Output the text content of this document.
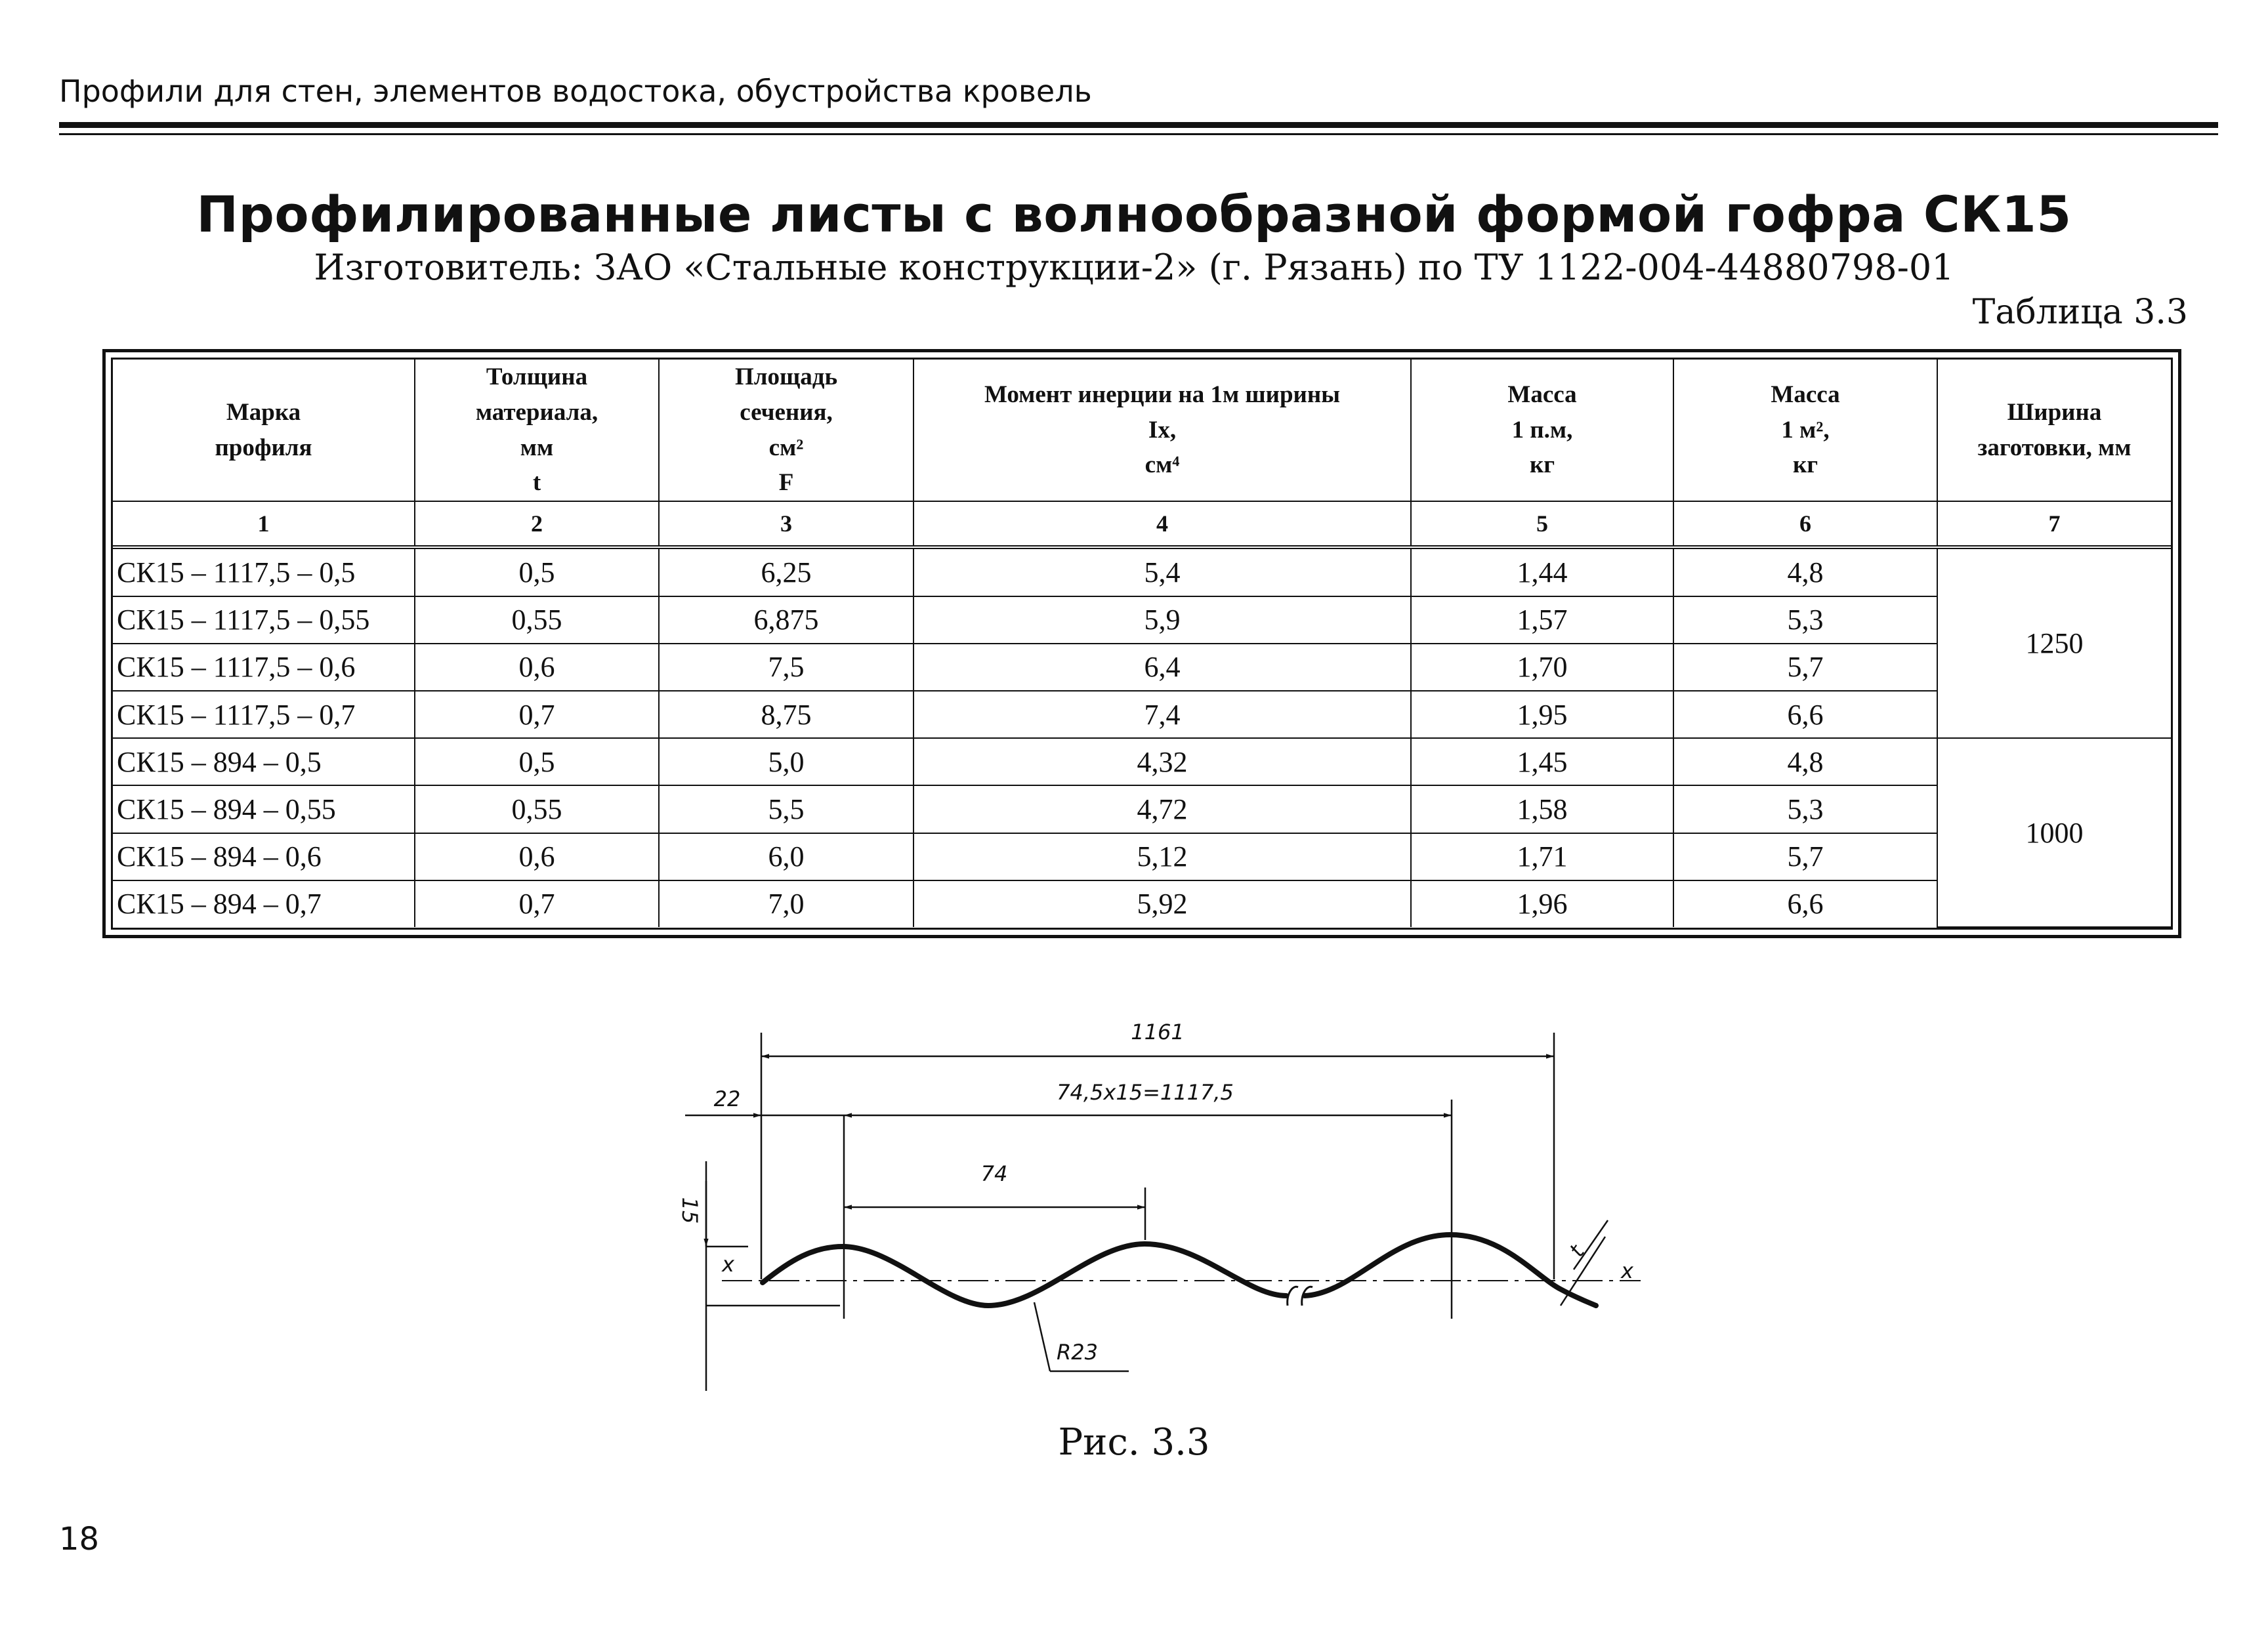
Профили для стен, элементов водостока, обустройства кровель
Профилированные листы с волнообразной формой гофра СК15
Изготовитель: ЗАО «Стальные конструкции-2» (г. Рязань) по ТУ 1122-004-44880798-01
Таблица 3.3
Марка
профиля	Толщина
материала,
мм
t	Площадь
сечения,
см²
F	Момент инерции на 1м ширины
Ix,
см⁴	Масса
1 п.м,
кг	Масса
1 м²,
кг	Ширина
заготовки, мм
1	2	3	4	5	6	7
СК15 – 1117,5 – 0,5	0,5	6,25	5,4	1,44	4,8	1250
СК15 – 1117,5 – 0,55	0,55	6,875	5,9	1,57	5,3	
СК15 – 1117,5 – 0,6	0,6	7,5	6,4	1,70	5,7	
СК15 – 1117,5 – 0,7	0,7	8,75	7,4	1,95	6,6	
СК15 – 894 – 0,5	0,5	5,0	4,32	1,45	4,8	1000
СК15 – 894 – 0,55	0,55	5,5	4,72	1,58	5,3	
СК15 – 894 – 0,6	0,6	6,0	5,12	1,71	5,7	
СК15 – 894 – 0,7	0,7	7,0	5,92	1,96	6,6	
1161
22	74,5x15=1117,5
74
15
R23
x	x
t
Рис. 3.3
18
